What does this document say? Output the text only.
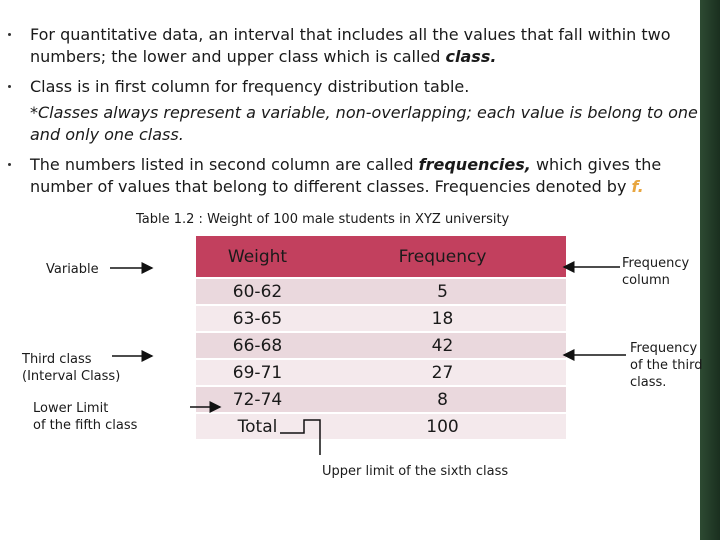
For quantitative data, an interval that includes all the values that fall within two numbers; the lower and upper class which is called class.
Class is in first column for frequency distribution table.
*Classes always represent a variable, non-overlapping; each value is belong to one and only one class.
The numbers listed in second column are called frequencies, which gives the number of values that belong to different classes. Frequencies denoted by f.
Table 1.2 : Weight of 100 male students in XYZ university
Weight	Frequency
60-62	5
63-65	18
66-68	42
69-71	27
72-74	8
Total	100
Variable
Third class
(Interval Class)
Lower Limit
of the fifth class
Upper limit of the sixth class
Frequency
column
Frequency
of the third
class.
